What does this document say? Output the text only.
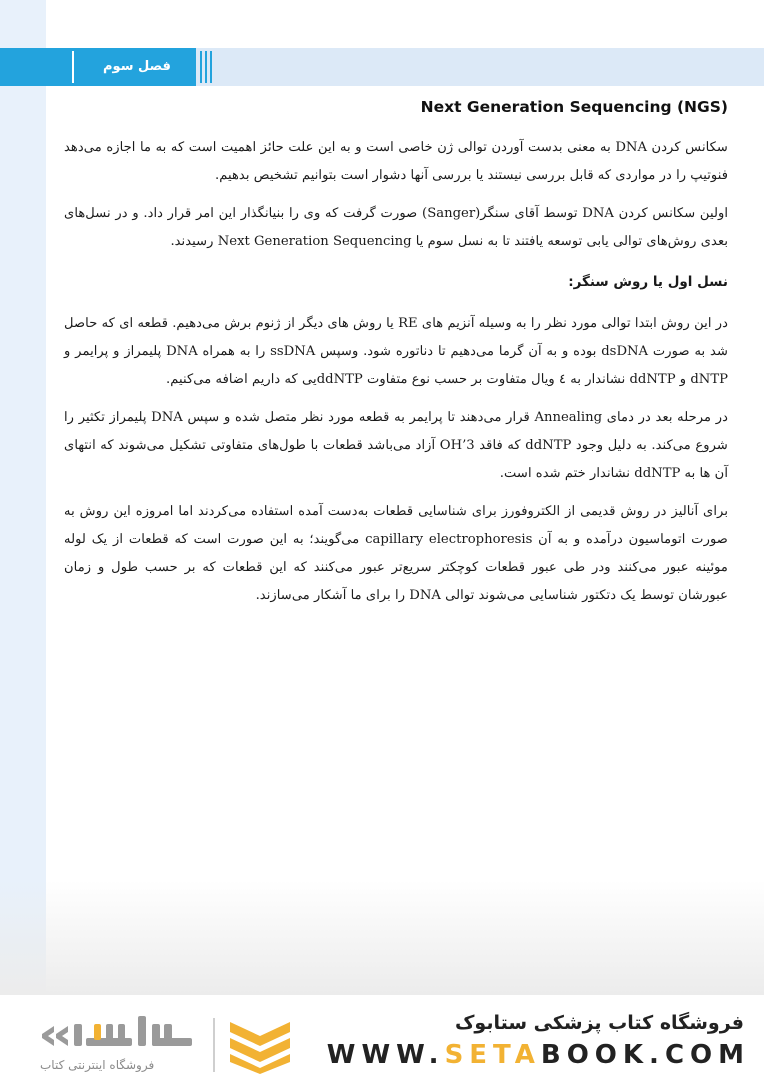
فصل سوم
Next Generation Sequencing (NGS)

سکانس کردن DNA به معنی بدست آوردن توالی ژن خاصی است و به این علت حائز اهمیت است که به ما اجازه می‌دهد فنوتیپ را در مواردی که قابل بررسی نیستند یا بررسی آنها دشوار است بتوانیم تشخیص بدهیم.

اولین سکانس کردن DNA توسط آقای سنگر(Sanger) صورت گرفت که وی را بنیانگذار این امر قرار داد. و در نسل‌های بعدی روش‌های توالی یابی توسعه یافتند تا به نسل سوم یا Next Generation Sequencing رسیدند.

نسل اول یا روش سنگر:

در این روش ابتدا توالی مورد نظر را به وسیله آنزیم های RE یا روش های دیگر از ژنوم برش می‌دهیم. قطعه ای که حاصل شد به صورت dsDNA بوده و به آن گرما می‌دهیم تا دناتوره شود. وسپس ssDNA را به همراه DNA پلیمراز و پرایمر و dNTP و ddNTP نشاندار به ٤ ویال متفاوت بر حسب نوع متفاوت ddNTPیی که داریم اضافه می‌کنیم.

در مرحله بعد در دمای Annealing قرار می‌دهند تا پرایمر به قطعه مورد نظر متصل شده و سپس DNA پلیمراز تکثیر را شروع می‌کند. به دلیل وجود ddNTP که فاقد 3’OH آزاد می‌باشد قطعات با طول‌های متفاوتی تشکیل می‌شوند که انتهای آن ها به ddNTP نشاندار ختم شده است.

برای آنالیز در روش قدیمی از الکتروفورز برای شناسایی قطعات به‌دست آمده استفاده می‌کردند اما امروزه این روش به صورت اتوماسیون درآمده و به آن capillary electrophoresis می‌گویند؛ به این صورت است که قطعات از یک لوله موئینه عبور می‌کنند ودر طی عبور قطعات کوچکتر سریع‌تر عبور می‌کنند که این قطعات که بر حسب طول و زمان عبورشان توسط یک دتکتور شناسایی می‌شوند توالی DNA را برای ما آشکار می‌سازند.

فروشگاه اینترنتی کتاب
فروشگاه کتاب پزشکی ستابوک
WWW.SETABOOK.COM
